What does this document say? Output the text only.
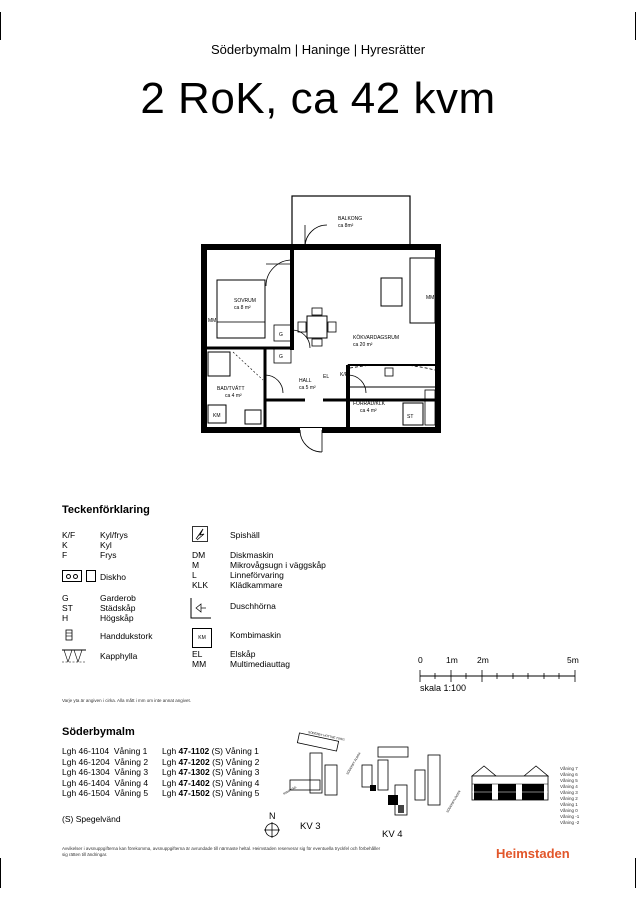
Söderbymalm | Haninge | Hyresrätter
2 RoK, ca 42 kvm
BALKONG
ca 8m²
SOVRUM
ca 8 m²
KÖKVARDAGSRUM
ca 20 m²
HALL
ca 5 m²
BAD/TVÄTT
ca 4 m²
FÖRRÅD/KLK
ca 4 m²
MM
MM
G
G
KM	ST
EL K/F
Teckenförklaring
K/F	Kyl/frys
K	Kyl
F	Frys
Diskho
G	Garderob
ST	Städskåp
H	Högskåp
Handdukstork
Kapphylla
Spishäll
DM	Diskmaskin
M	Mikrovågsugn i väggskåp
L	Linneförvaring
KLK	Klädkammare
Duschhörna
Kombimaskin
EL	Elskåp
MM	Multimediauttag
KM
0	1m 2m	5m
skala 1:100
Varje yta är angiven i cirka. Alla mått i mm om inte annat angivet.
Söderbymalm
Lgh 46-1104 Våning 1
Lgh 46-1204 Våning 2
Lgh 46-1304 Våning 3
Lgh 46-1404 Våning 4
Lgh 46-1504 Våning 5
Lgh 47-1102 (S) Våning 1
Lgh 47-1202 (S) Våning 2
Lgh 47-1302 (S) Våning 3
Lgh 47-1402 (S) Våning 4
Lgh 47-1502 (S) Våning 5
(S) Spegelvänd
SÖDERBY HÖTTNE TORG
RING VÄG
SÖDERBY ÅLDRA
SÖDERBYVÄGEN
N
KV 3
KV 4
Våning 7
Våning 6
Våning 5
Våning 4
Våning 3
Våning 2
Våning 1
Våning 0
Våning -1
Våning -2
Avvikelser i avsnuppgifterna kan förekomma, avsnuppgifterna är avrundade till närmaste heltal. Heimstaden reserverar sig för eventuella tryckfel och förbehåller sig rätten till ändringar.	Heimstaden
